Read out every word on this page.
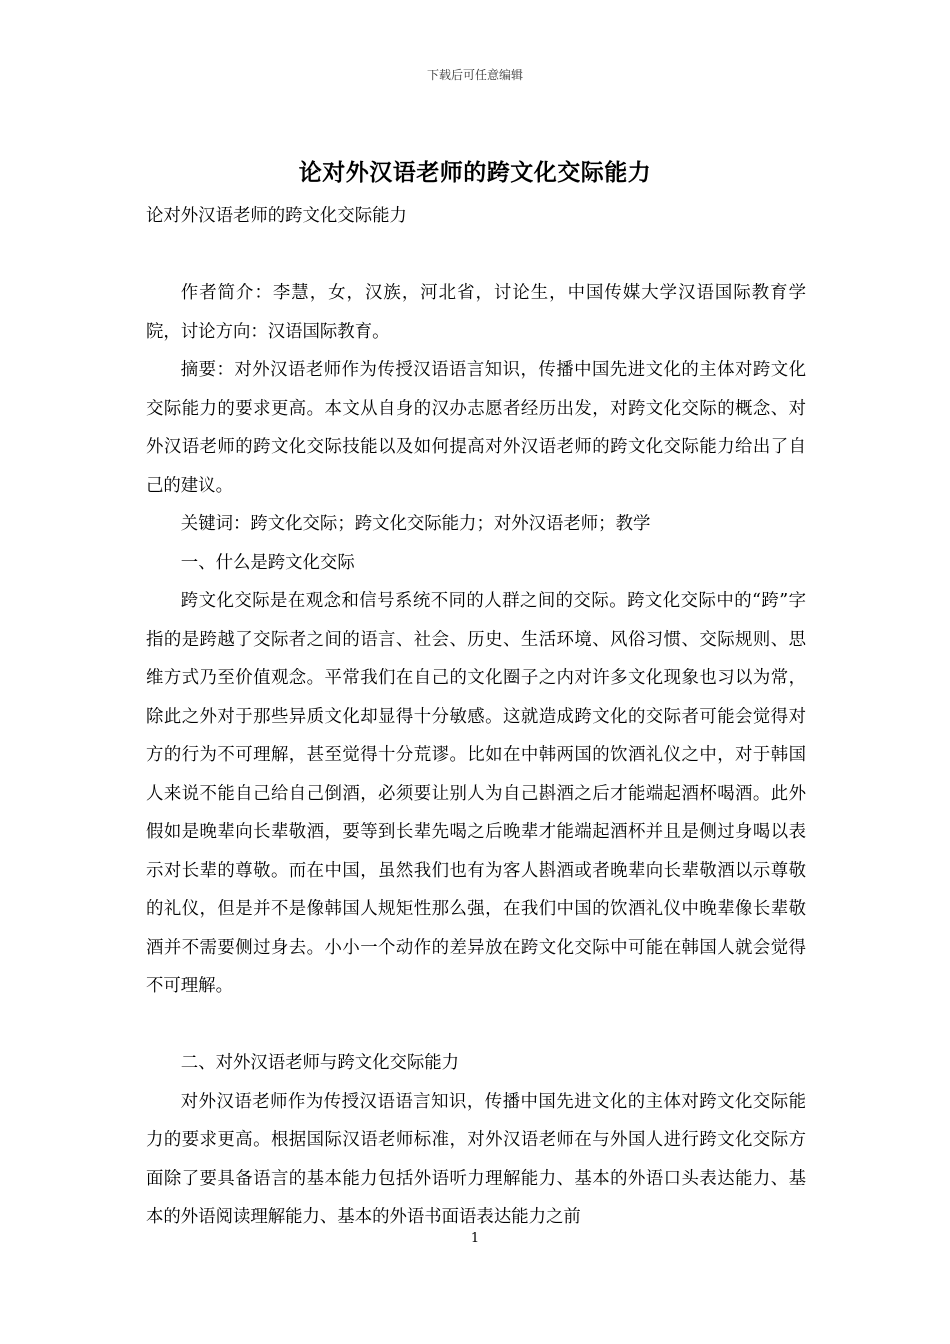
下载后可任意编辑
论对外汉语老师的跨文化交际能力

论对外汉语老师的跨文化交际能力

作者简介：李慧，女，汉族，河北省，讨论生，中国传媒大学汉语国际教育学院，讨论方向：汉语国际教育。

摘要：对外汉语老师作为传授汉语语言知识，传播中国先进文化的主体对跨文化交际能力的要求更高。本文从自身的汉办志愿者经历出发，对跨文化交际的概念、对外汉语老师的跨文化交际技能以及如何提高对外汉语老师的跨文化交际能力给出了自己的建议。

关键词：跨文化交际；跨文化交际能力；对外汉语老师；教学

一、什么是跨文化交际

跨文化交际是在观念和信号系统不同的人群之间的交际。跨文化交际中的“跨”字指的是跨越了交际者之间的语言、社会、历史、生活环境、风俗习惯、交际规则、思维方式乃至价值观念。平常我们在自己的文化圈子之内对许多文化现象也习以为常，除此之外对于那些异质文化却显得十分敏感。这就造成跨文化的交际者可能会觉得对方的行为不可理解，甚至觉得十分荒谬。比如在中韩两国的饮酒礼仪之中，对于韩国人来说不能自己给自己倒酒，必须要让别人为自己斟酒之后才能端起酒杯喝酒。此外假如是晚辈向长辈敬酒，要等到长辈先喝之后晚辈才能端起酒杯并且是侧过身喝以表示对长辈的尊敬。而在中国，虽然我们也有为客人斟酒或者晚辈向长辈敬酒以示尊敬的礼仪，但是并不是像韩国人规矩性那么强，在我们中国的饮酒礼仪中晚辈像长辈敬酒并不需要侧过身去。小小一个动作的差异放在跨文化交际中可能在韩国人就会觉得不可理解。

二、对外汉语老师与跨文化交际能力

对外汉语老师作为传授汉语语言知识，传播中国先进文化的主体对跨文化交际能力的要求更高。根据国际汉语老师标准，对外汉语老师在与外国人进行跨文化交际方面除了要具备语言的基本能力包括外语听力理解能力、基本的外语口头表达能力、基本的外语阅读理解能力、基本的外语书面语表达能力之前

1
